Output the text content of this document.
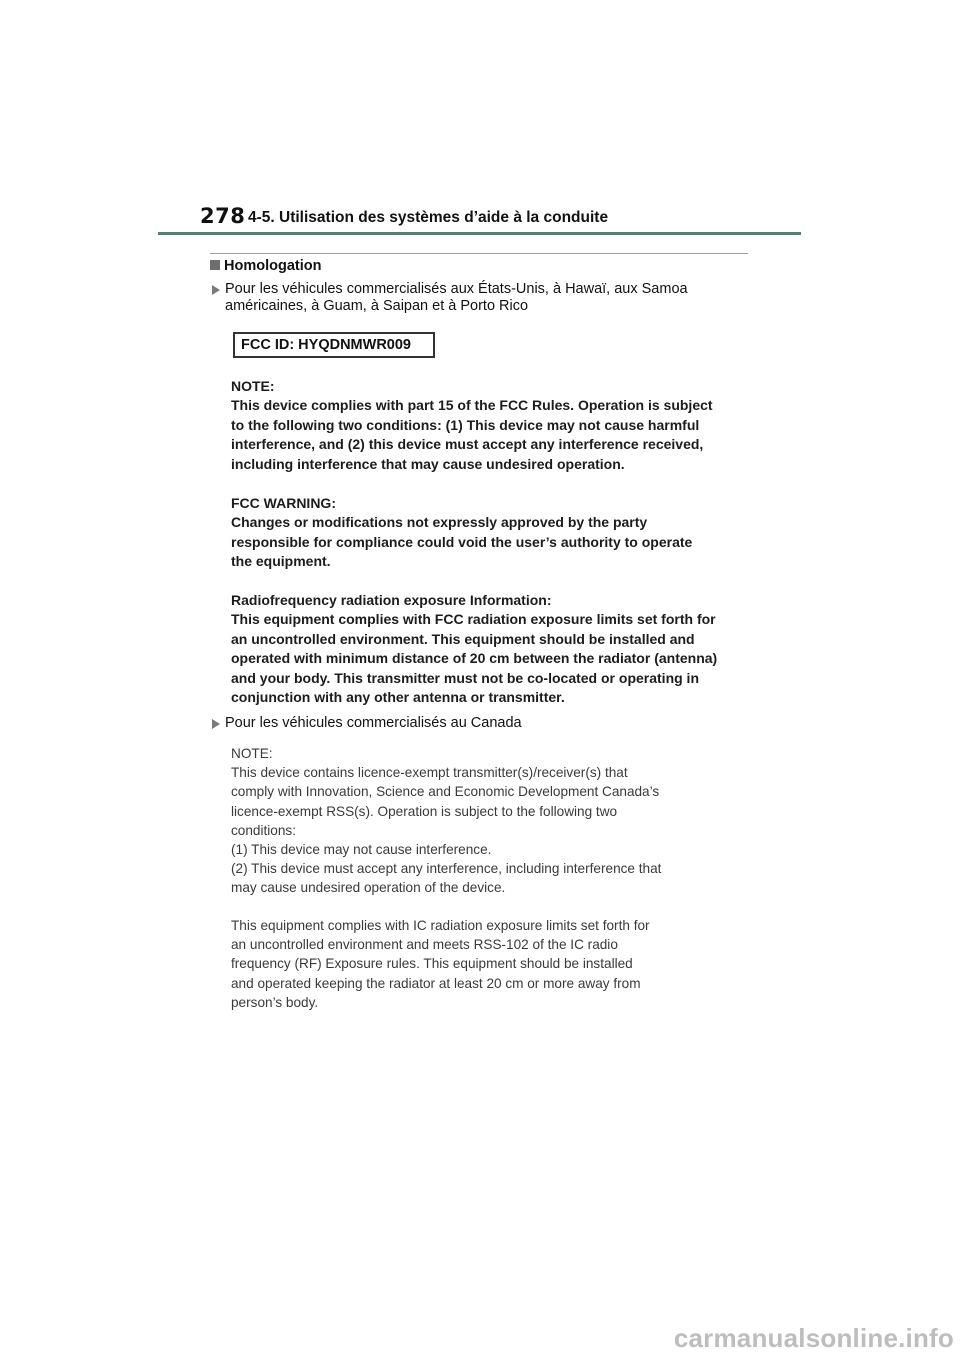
278 4-5. Utilisation des systèmes d’aide à la conduite
Homologation
Pour les véhicules commercialisés aux États-Unis, à Hawaï, aux Samoa
américaines, à Guam, à Saipan et à Porto Rico
FCC ID: HYQDNMWR009

NOTE:

This device complies with part 15 of the FCC Rules. Operation is subject

to the following two conditions: (1) This device may not cause harmful

interference, and (2) this device must accept any interference received,

including interference that may cause undesired operation.

FCC WARNING:

Changes or modifications not expressly approved by the party

responsible for compliance could void the user’s authority to operate

the equipment.

Radiofrequency radiation exposure Information:

This equipment complies with FCC radiation exposure limits set forth for

an uncontrolled environment. This equipment should be installed and

operated with minimum distance of 20 cm between the radiator (antenna)

and your body. This transmitter must not be co-located or operating in

conjunction with any other antenna or transmitter.

Pour les véhicules commercialisés au Canada

NOTE:

This device contains licence-exempt transmitter(s)/receiver(s) that

comply with Innovation, Science and Economic Development Canada’s

licence-exempt RSS(s). Operation is subject to the following two

conditions:

(1) This device may not cause interference.

(2) This device must accept any interference, including interference that

may cause undesired operation of the device.

This equipment complies with IC radiation exposure limits set forth for

an uncontrolled environment and meets RSS-102 of the IC radio

frequency (RF) Exposure rules. This equipment should be installed

and operated keeping the radiator at least 20 cm or more away from

person’s body.

carmanualsonline.info
